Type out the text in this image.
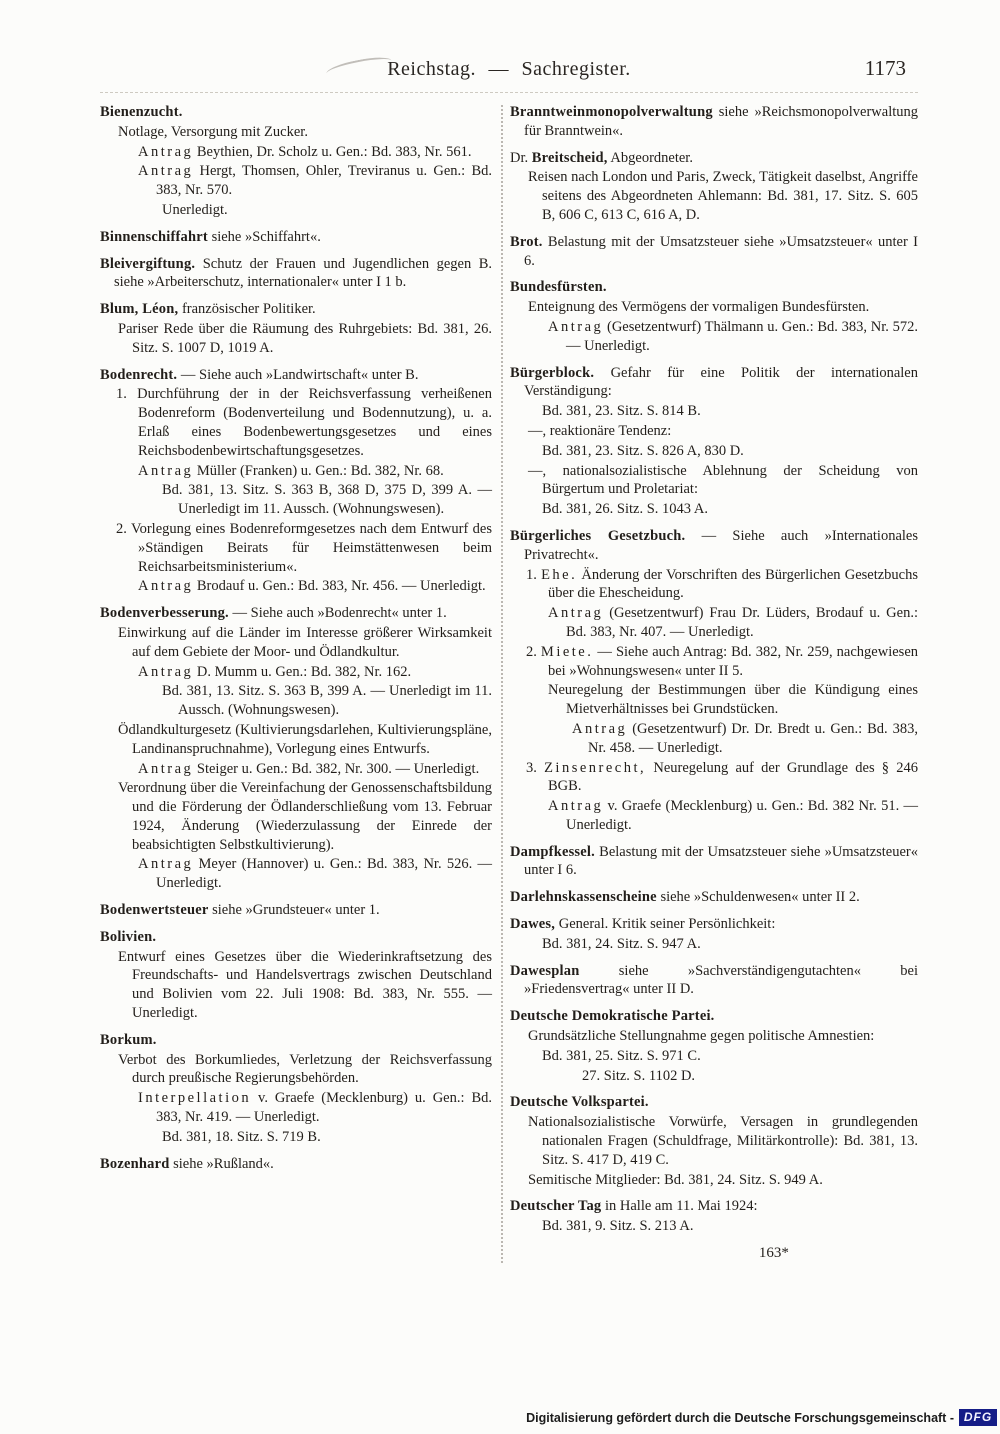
Reichstag. — Sachregister.	1173

Bienenzucht.

Notlage, Versorgung mit Zucker.

Antrag Beythien, Dr. Scholz u. Gen.: Bd. 383, Nr. 561.

Antrag Hergt, Thomsen, Ohler, Treviranus u. Gen.: Bd. 383, Nr. 570.

Unerledigt.

Binnenschiffahrt siehe »Schiffahrt«.

Bleivergiftung. Schutz der Frauen und Jugendlichen gegen B. siehe »Arbeiterschutz, internationaler« unter I 1 b.

Blum, Léon, französischer Politiker.

Pariser Rede über die Räumung des Ruhrgebiets: Bd. 381, 26. Sitz. S. 1007 D, 1019 A.

Bodenrecht. — Siehe auch »Landwirtschaft« unter B.

1. Durchführung der in der Reichsverfassung verheißenen Bodenreform (Bodenverteilung und Bodennutzung), u. a. Erlaß eines Bodenbewertungsgesetzes und eines Reichsbodenbewirtschaftungsgesetzes.

Antrag Müller (Franken) u. Gen.: Bd. 382, Nr. 68.

Bd. 381, 13. Sitz. S. 363 B, 368 D, 375 D, 399 A. — Unerledigt im 11. Aussch. (Wohnungswesen).

2. Vorlegung eines Bodenreformgesetzes nach dem Entwurf des »Ständigen Beirats für Heimstättenwesen beim Reichsarbeitsministerium«.

Antrag Brodauf u. Gen.: Bd. 383, Nr. 456. — Unerledigt.

Bodenverbesserung. — Siehe auch »Bodenrecht« unter 1.

Einwirkung auf die Länder im Interesse größerer Wirksamkeit auf dem Gebiete der Moor- und Ödlandkultur.

Antrag D. Mumm u. Gen.: Bd. 382, Nr. 162.

Bd. 381, 13. Sitz. S. 363 B, 399 A. — Unerledigt im 11. Aussch. (Wohnungswesen).

Ödlandkulturgesetz (Kultivierungsdarlehen, Kultivierungspläne, Landinanspruchnahme), Vorlegung eines Entwurfs.

Antrag Steiger u. Gen.: Bd. 382, Nr. 300. — Unerledigt.

Verordnung über die Vereinfachung der Genossenschaftsbildung und die Förderung der Ödlanderschließung vom 13. Februar 1924, Änderung (Wiederzulassung der Einrede der beabsichtigten Selbstkultivierung).

Antrag Meyer (Hannover) u. Gen.: Bd. 383, Nr. 526. — Unerledigt.

Bodenwertsteuer siehe »Grundsteuer« unter 1.

Bolivien.

Entwurf eines Gesetzes über die Wiederinkraftsetzung des Freundschafts- und Handelsvertrags zwischen Deutschland und Bolivien vom 22. Juli 1908: Bd. 383, Nr. 555. — Unerledigt.

Borkum.

Verbot des Borkumliedes, Verletzung der Reichsverfassung durch preußische Regierungsbehörden.

Interpellation v. Graefe (Mecklenburg) u. Gen.: Bd. 383, Nr. 419. — Unerledigt.

Bd. 381, 18. Sitz. S. 719 B.

Bozenhard siehe »Rußland«.

Branntweinmonopolverwaltung siehe »Reichsmonopolverwaltung für Branntwein«.

Dr. Breitscheid, Abgeordneter.

Reisen nach London und Paris, Zweck, Tätigkeit daselbst, Angriffe seitens des Abgeordneten Ahlemann: Bd. 381, 17. Sitz. S. 605 B, 606 C, 613 C, 616 A, D.

Brot. Belastung mit der Umsatzsteuer siehe »Umsatzsteuer« unter I 6.

Bundesfürsten.

Enteignung des Vermögens der vormaligen Bundesfürsten.

Antrag (Gesetzentwurf) Thälmann u. Gen.: Bd. 383, Nr. 572. — Unerledigt.

Bürgerblock. Gefahr für eine Politik der internationalen Verständigung:

Bd. 381, 23. Sitz. S. 814 B.

—, reaktionäre Tendenz:

Bd. 381, 23. Sitz. S. 826 A, 830 D.

—, nationalsozialistische Ablehnung der Scheidung von Bürgertum und Proletariat:

Bd. 381, 26. Sitz. S. 1043 A.

Bürgerliches Gesetzbuch. — Siehe auch »Internationales Privatrecht«.

1. Ehe. Änderung der Vorschriften des Bürgerlichen Gesetzbuchs über die Ehescheidung.

Antrag (Gesetzentwurf) Frau Dr. Lüders, Brodauf u. Gen.: Bd. 383, Nr. 407. — Unerledigt.

2. Miete. — Siehe auch Antrag: Bd. 382, Nr. 259, nachgewiesen bei »Wohnungswesen« unter II 5.

Neuregelung der Bestimmungen über die Kündigung eines Mietverhältnisses bei Grundstücken.

Antrag (Gesetzentwurf) Dr. Dr. Bredt u. Gen.: Bd. 383, Nr. 458. — Unerledigt.

3. Zinsenrecht, Neuregelung auf der Grundlage des § 246 BGB.

Antrag v. Graefe (Mecklenburg) u. Gen.: Bd. 382 Nr. 51. — Unerledigt.

Dampfkessel. Belastung mit der Umsatzsteuer siehe »Umsatzsteuer« unter I 6.

Darlehnskassenscheine siehe »Schuldenwesen« unter II 2.

Dawes, General. Kritik seiner Persönlichkeit:

Bd. 381, 24. Sitz. S. 947 A.

Dawesplan siehe »Sachverständigengutachten« bei »Friedensvertrag« unter II D.

Deutsche Demokratische Partei.

Grundsätzliche Stellungnahme gegen politische Amnestien:

Bd. 381, 25. Sitz. S. 971 C.

27. Sitz. S. 1102 D.

Deutsche Volkspartei.

Nationalsozialistische Vorwürfe, Versagen in grundlegenden nationalen Fragen (Schuldfrage, Militärkontrolle): Bd. 381, 13. Sitz. S. 417 D, 419 C.

Semitische Mitglieder: Bd. 381, 24. Sitz. S. 949 A.

Deutscher Tag in Halle am 11. Mai 1924:

Bd. 381, 9. Sitz. S. 213 A.

163*
Digitalisierung gefördert durch die Deutsche Forschungsgemeinschaft - DFG
